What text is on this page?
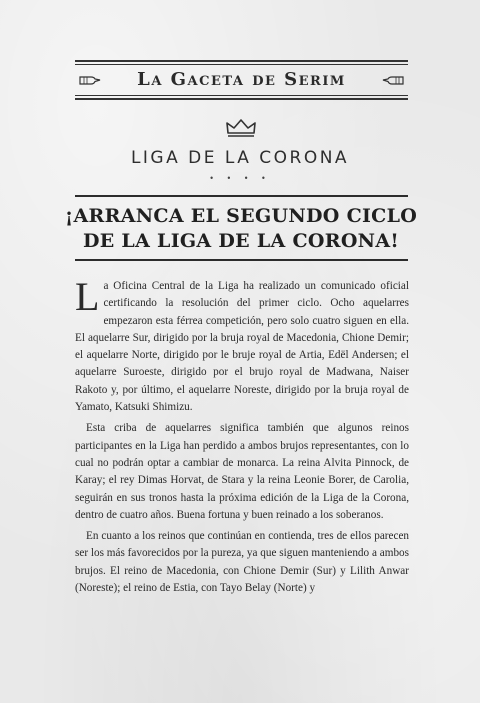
La Gaceta de Serim
LIGA DE LA CORONA
• • • •
¡ARRANCA EL SEGUNDO CICLO
DE LA LIGA DE LA CORONA!

La Oficina Central de la Liga ha realizado un comunicado oficial certificando la resolución del primer ciclo. Ocho aquelarres empezaron esta férrea competición, pero solo cuatro siguen en ella. El aquelarre Sur, dirigido por la bruja royal de Macedonia, Chione Demir; el aquelarre Norte, dirigido por le bruje royal de Artia, Edël Andersen; el aquelarre Suroeste, dirigido por el brujo royal de Madwana, Naiser Rakoto y, por último, el aquelarre Noreste, dirigido por la bruja royal de Yamato, Katsuki Shimizu.

Esta criba de aquelarres significa también que algunos reinos participantes en la Liga han perdido a ambos brujos representantes, con lo cual no podrán optar a cambiar de monarca. La reina Alvita Pinnock, de Karay; el rey Dimas Horvat, de Stara y la reina Leonie Borer, de Carolia, seguirán en sus tronos hasta la próxima edición de la Liga de la Corona, dentro de cuatro años. Buena fortuna y buen reinado a los soberanos.

En cuanto a los reinos que continúan en contienda, tres de ellos parecen ser los más favorecidos por la pureza, ya que siguen manteniendo a ambos brujos. El reino de Macedonia, con Chione Demir (Sur) y Lilith Anwar (Noreste); el reino de Estia, con Tayo Belay (Norte) y
